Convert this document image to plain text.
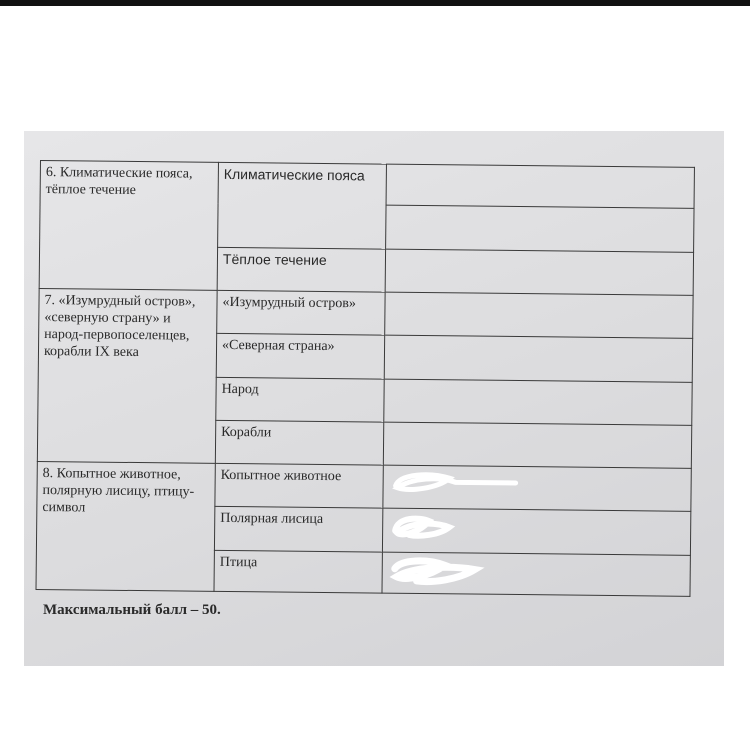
6. Климатические пояса, тёплое течение	Климатические пояса	

	Тёплое течение	
7. «Изумрудный остров», «северную страну» и народ-первопоселенцев, корабли IX века	«Изумрудный остров»	
	«Северная страна»	
	Народ	
	Корабли	
8. Копытное животное, полярную лисицу, птицу-символ	Копытное животное	

	Полярная лисица	

	Птица	
Максимальный балл – 50.
